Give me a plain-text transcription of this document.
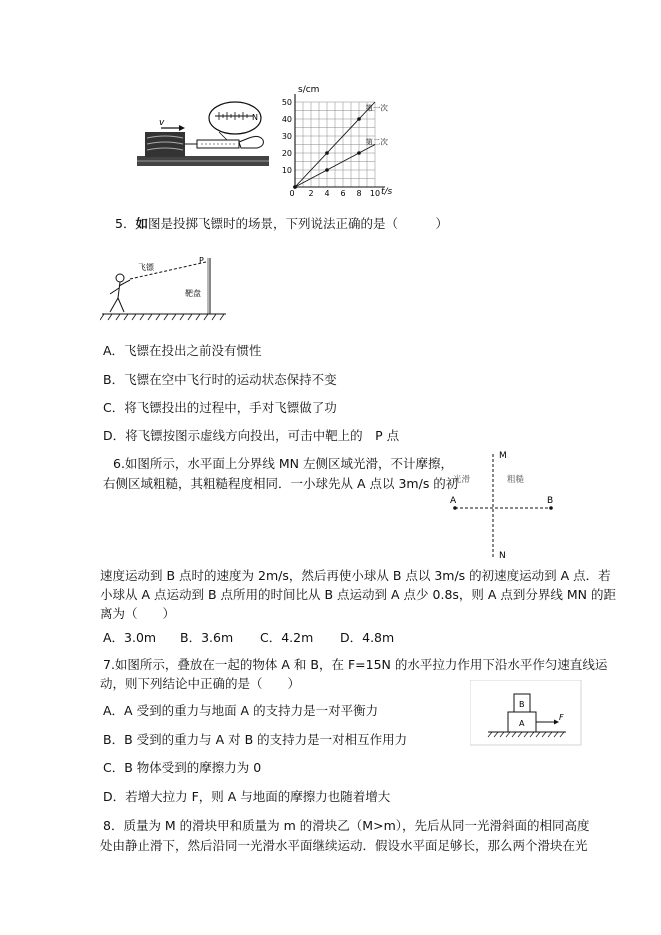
v
N
s/cm
t/s
50
40
30
20
10
0 2 4 6 8 10
第一次
第二次
5．如图是投掷飞镖时的场景，下列说法正确的是（　　　）
飞镖
P
靶盘
A．飞镖在投出之前没有惯性
B．飞镖在空中飞行时的运动状态保持不变
C．将飞镖投出的过程中，手对飞镖做了功
D．将飞镖按图示虚线方向投出，可击中靶上的　P 点
6.如图所示，水平面上分界线 MN 左侧区域光滑，不计摩擦，
右侧区域粗糙，其粗糙程度相同．一小球先从 A 点以 3m/s 的初
M
N
A	B
光滑	粗糙
速度运动到 B 点时的速度为 2m/s，然后再使小球从 B 点以 3m/s 的初速度运动到 A 点．若
小球从 A 点运动到 B 点所用的时间比从 B 点运动到 A 点少 0.8s，则 A 点到分界线 MN 的距
离为（　　）
A．3.0m B．3.6m C．4.2m D．4.8m
7.如图所示，叠放在一起的物体 A 和 B，在 F=15N 的水平拉力作用下沿水平作匀速直线运
动，则下列结论中正确的是（　　）
A
B
F
A．A 受到的重力与地面 A 的支持力是一对平衡力
B．B 受到的重力与 A 对 B 的支持力是一对相互作用力
C．B 物体受到的摩擦力为 0
D．若增大拉力 F，则 A 与地面的摩擦力也随着增大
8．质量为 M 的滑块甲和质量为 m 的滑块乙（M>m），先后从同一光滑斜面的相同高度
处由静止滑下，然后沿同一光滑水平面继续运动．假设水平面足够长，那么两个滑块在光
